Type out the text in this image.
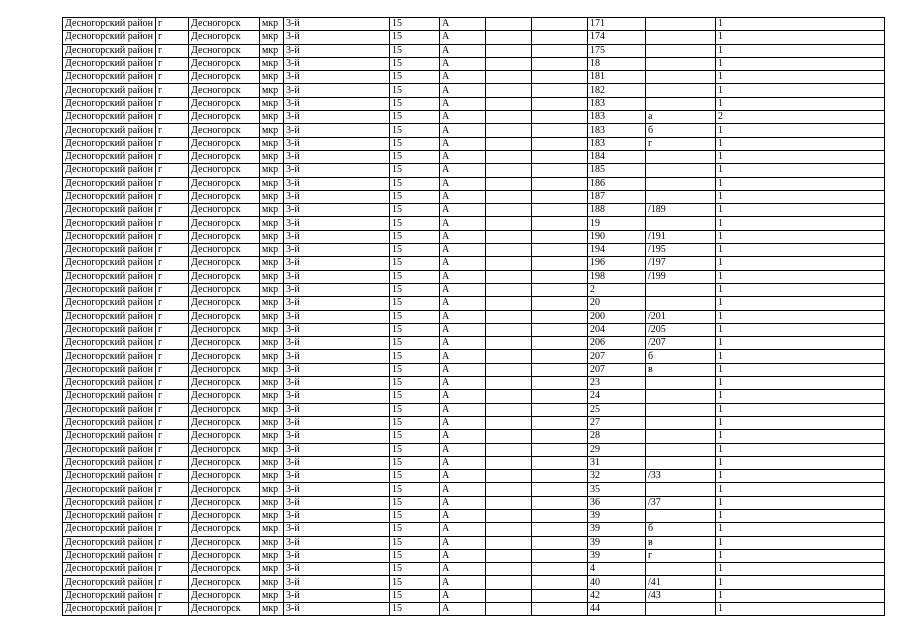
Десногорский район	г	Десногорск	мкр	3-й	15	А			171		1
Десногорский район	г	Десногорск	мкр	3-й	15	А			174		1
Десногорский район	г	Десногорск	мкр	3-й	15	А			175		1
Десногорский район	г	Десногорск	мкр	3-й	15	А			18		1
Десногорский район	г	Десногорск	мкр	3-й	15	А			181		1
Десногорский район	г	Десногорск	мкр	3-й	15	А			182		1
Десногорский район	г	Десногорск	мкр	3-й	15	А			183		1
Десногорский район	г	Десногорск	мкр	3-й	15	А			183	а	2
Десногорский район	г	Десногорск	мкр	3-й	15	А			183	б	1
Десногорский район	г	Десногорск	мкр	3-й	15	А			183	г	1
Десногорский район	г	Десногорск	мкр	3-й	15	А			184		1
Десногорский район	г	Десногорск	мкр	3-й	15	А			185		1
Десногорский район	г	Десногорск	мкр	3-й	15	А			186		1
Десногорский район	г	Десногорск	мкр	3-й	15	А			187		1
Десногорский район	г	Десногорск	мкр	3-й	15	А			188	/189	1
Десногорский район	г	Десногорск	мкр	3-й	15	А			19		1
Десногорский район	г	Десногорск	мкр	3-й	15	А			190	/191	1
Десногорский район	г	Десногорск	мкр	3-й	15	А			194	/195	1
Десногорский район	г	Десногорск	мкр	3-й	15	А			196	/197	1
Десногорский район	г	Десногорск	мкр	3-й	15	А			198	/199	1
Десногорский район	г	Десногорск	мкр	3-й	15	А			2		1
Десногорский район	г	Десногорск	мкр	3-й	15	А			20		1
Десногорский район	г	Десногорск	мкр	3-й	15	А			200	/201	1
Десногорский район	г	Десногорск	мкр	3-й	15	А			204	/205	1
Десногорский район	г	Десногорск	мкр	3-й	15	А			206	/207	1
Десногорский район	г	Десногорск	мкр	3-й	15	А			207	б	1
Десногорский район	г	Десногорск	мкр	3-й	15	А			207	в	1
Десногорский район	г	Десногорск	мкр	3-й	15	А			23		1
Десногорский район	г	Десногорск	мкр	3-й	15	А			24		1
Десногорский район	г	Десногорск	мкр	3-й	15	А			25		1
Десногорский район	г	Десногорск	мкр	3-й	15	А			27		1
Десногорский район	г	Десногорск	мкр	3-й	15	А			28		1
Десногорский район	г	Десногорск	мкр	3-й	15	А			29		1
Десногорский район	г	Десногорск	мкр	3-й	15	А			31		1
Десногорский район	г	Десногорск	мкр	3-й	15	А			32	/33	1
Десногорский район	г	Десногорск	мкр	3-й	15	А			35		1
Десногорский район	г	Десногорск	мкр	3-й	15	А			36	/37	1
Десногорский район	г	Десногорск	мкр	3-й	15	А			39		1
Десногорский район	г	Десногорск	мкр	3-й	15	А			39	б	1
Десногорский район	г	Десногорск	мкр	3-й	15	А			39	в	1
Десногорский район	г	Десногорск	мкр	3-й	15	А			39	г	1
Десногорский район	г	Десногорск	мкр	3-й	15	А			4		1
Десногорский район	г	Десногорск	мкр	3-й	15	А			40	/41	1
Десногорский район	г	Десногорск	мкр	3-й	15	А			42	/43	1
Десногорский район	г	Десногорск	мкр	3-й	15	А			44		1
